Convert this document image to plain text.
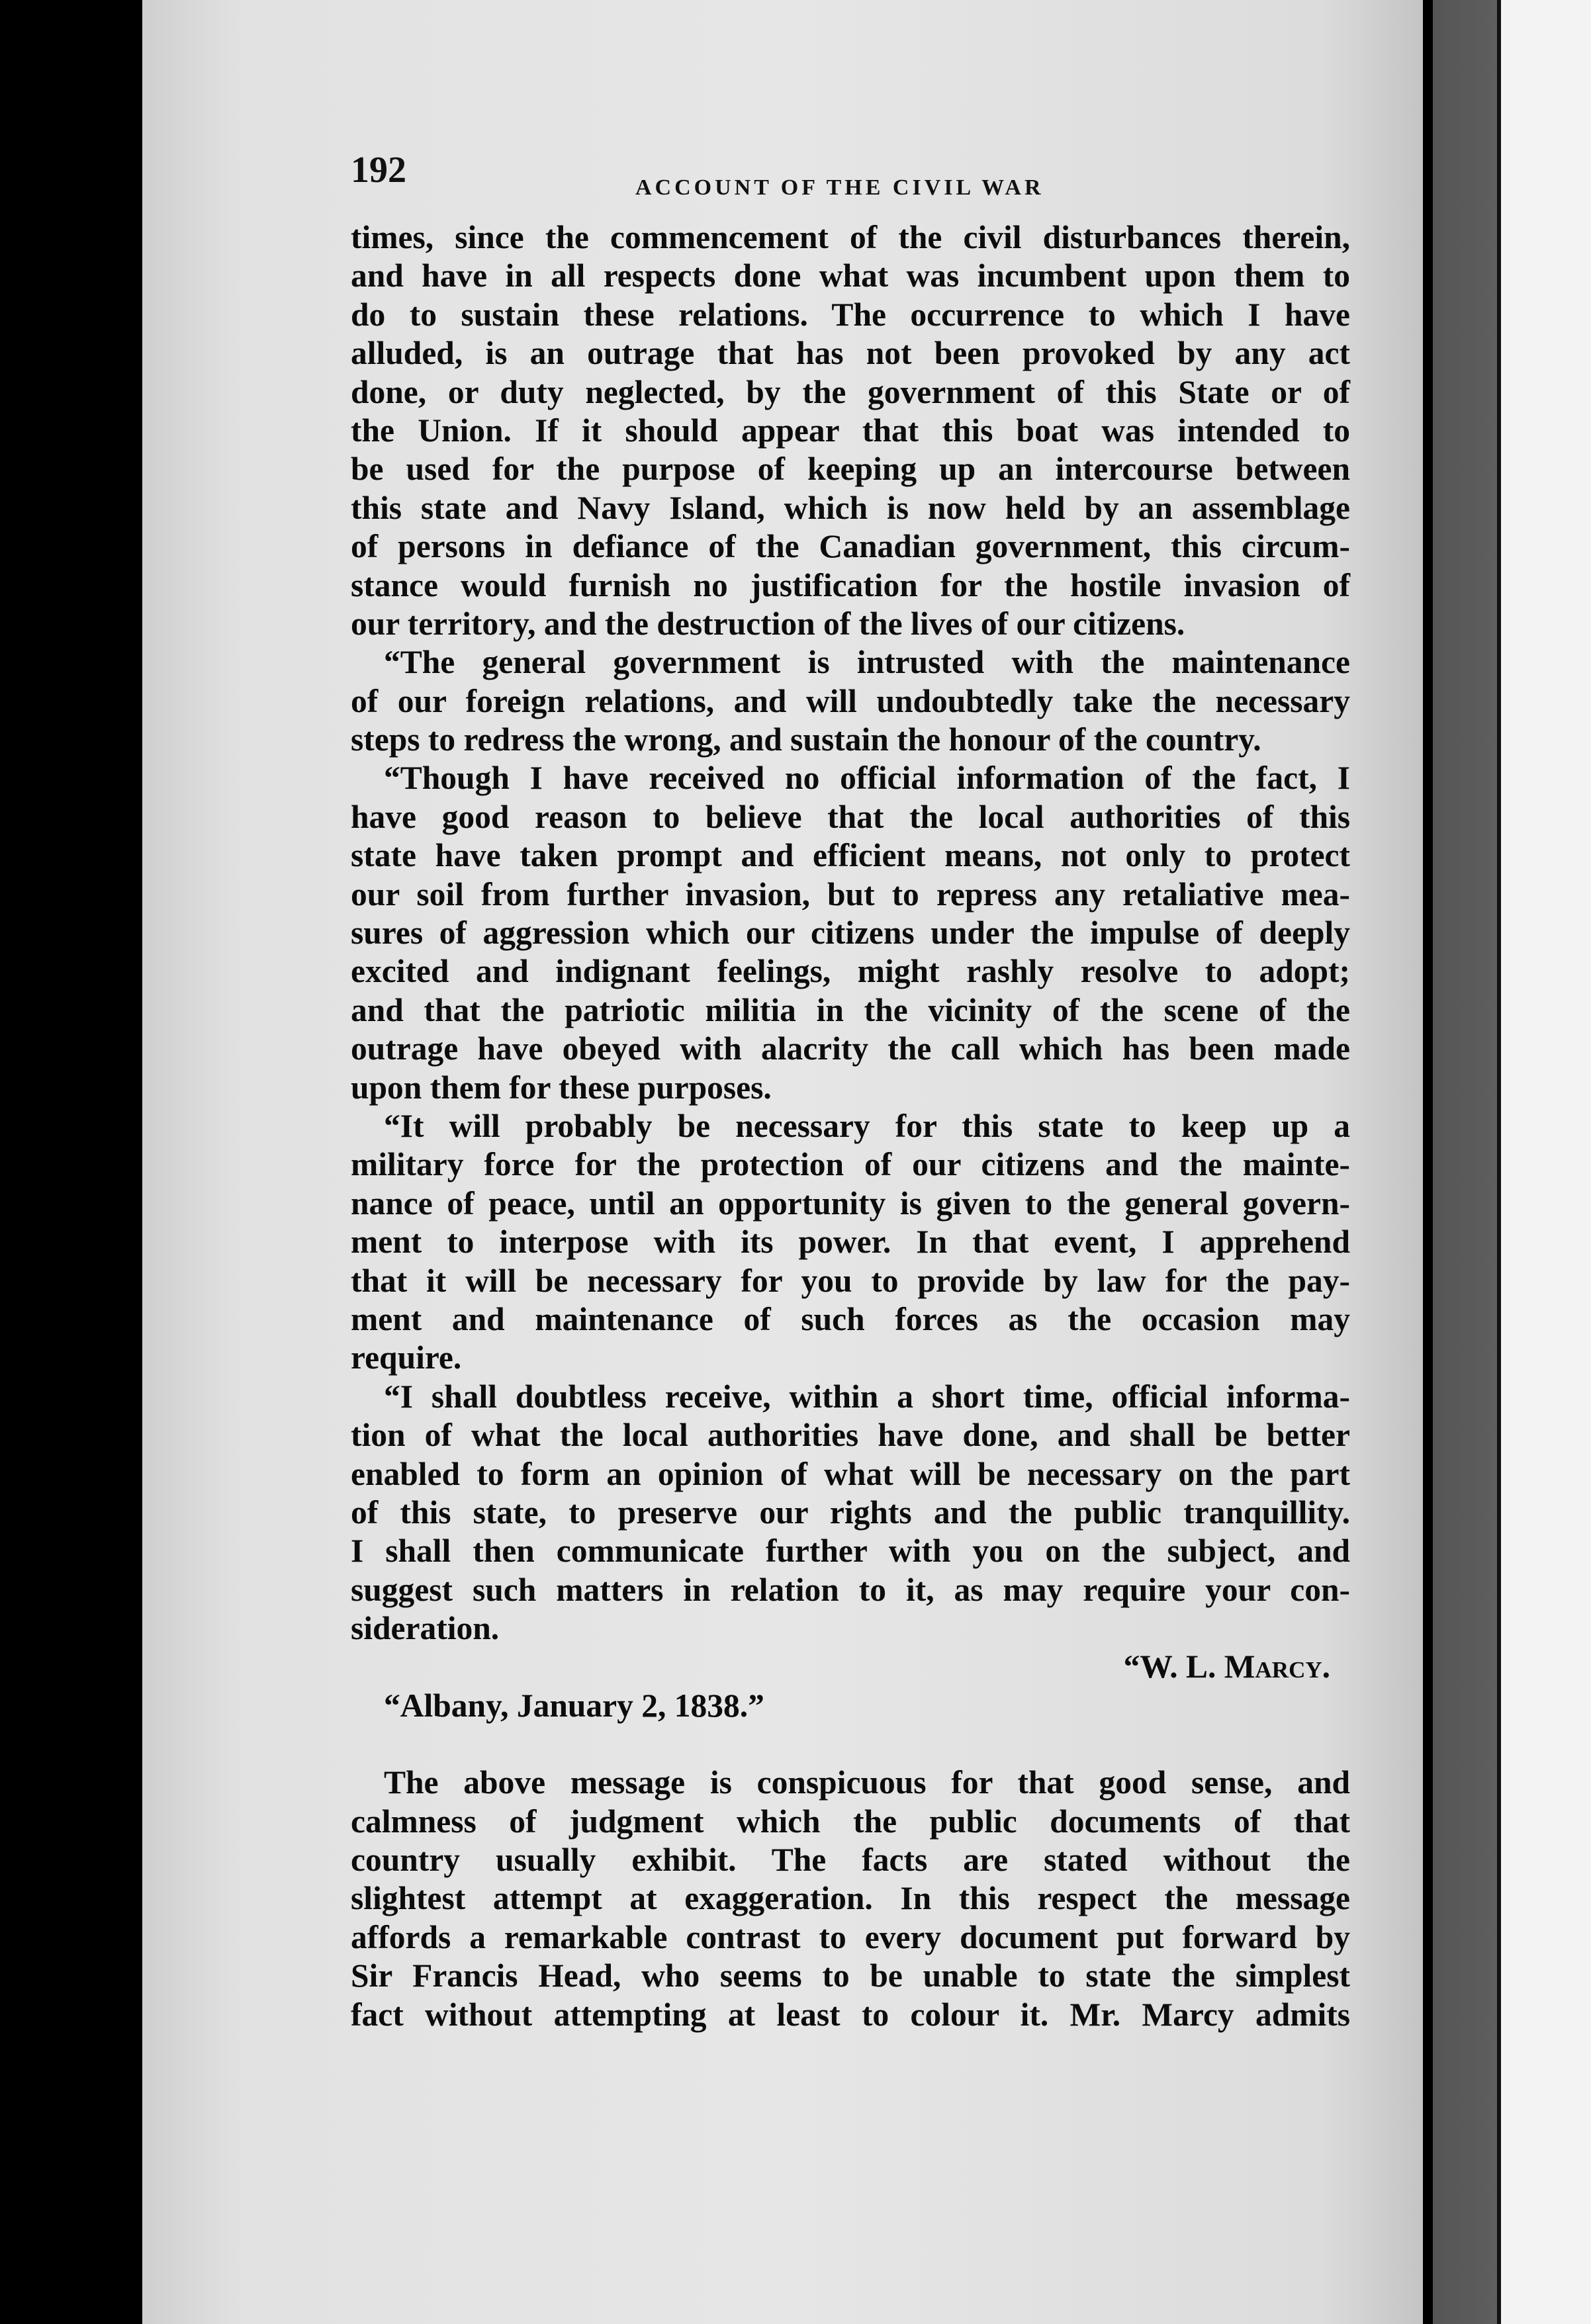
192	ACCOUNT OF THE CIVIL WAR
times, since the commencement of the civil disturbances therein,
and have in all respects done what was incumbent upon them to
do to sustain these relations. The occurrence to which I have
alluded, is an outrage that has not been provoked by any act
done, or duty neglected, by the government of this State or of
the Union. If it should appear that this boat was intended to
be used for the purpose of keeping up an intercourse between
this state and Navy Island, which is now held by an assemblage
of persons in defiance of the Canadian government, this circum-
stance would furnish no justification for the hostile invasion of
our territory, and the destruction of the lives of our citizens.
“The general government is intrusted with the maintenance
of our foreign relations, and will undoubtedly take the necessary
steps to redress the wrong, and sustain the honour of the country.
“Though I have received no official information of the fact, I
have good reason to believe that the local authorities of this
state have taken prompt and efficient means, not only to protect
our soil from further invasion, but to repress any retaliative mea-
sures of aggression which our citizens under the impulse of deeply
excited and indignant feelings, might rashly resolve to adopt;
and that the patriotic militia in the vicinity of the scene of the
outrage have obeyed with alacrity the call which has been made
upon them for these purposes.
“It will probably be necessary for this state to keep up a
military force for the protection of our citizens and the mainte-
nance of peace, until an opportunity is given to the general govern-
ment to interpose with its power. In that event, I apprehend
that it will be necessary for you to provide by law for the pay-
ment and maintenance of such forces as the occasion may
require.
“I shall doubtless receive, within a short time, official informa-
tion of what the local authorities have done, and shall be better
enabled to form an opinion of what will be necessary on the part
of this state, to preserve our rights and the public tranquillity.
I shall then communicate further with you on the subject, and
suggest such matters in relation to it, as may require your con-
sideration.
“W. L. Marcy.
“Albany, January 2, 1838.”
The above message is conspicuous for that good sense, and
calmness of judgment which the public documents of that
country usually exhibit. The facts are stated without the
slightest attempt at exaggeration. In this respect the message
affords a remarkable contrast to every document put forward by
Sir Francis Head, who seems to be unable to state the simplest
fact without attempting at least to colour it. Mr. Marcy admits
